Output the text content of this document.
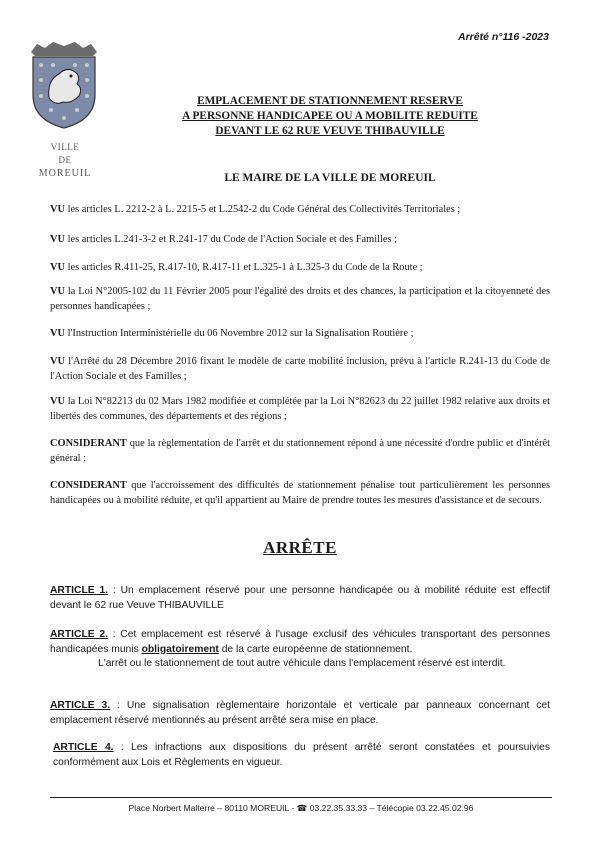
Arrêté n°116 -2023
VILLE
DE
MOREUIL
EMPLACEMENT DE STATIONNEMENT RESERVE
A PERSONNE HANDICAPEE OU A MOBILITE REDUITE
DEVANT LE 62 RUE VEUVE THIBAUVILLE
LE MAIRE DE LA VILLE DE MOREUIL
VU les articles L. 2212-2 à L. 2215-5 et L.2542-2 du Code Général des Collectivités Territoriales ;
VU les articles L.241-3-2 et R.241-17 du Code de l'Action Sociale et des Familles ;
VU les articles R.411-25, R.417-10, R.417-11 et L.325-1 à L.325-3 du Code de la Route ;
VU la Loi N°2005-102 du 11 Février 2005 pour l'égalité des droits et des chances, la participation et la citoyenneté des personnes handicapées ;
VU l'Instruction Interministérielle du 06 Novembre 2012 sur la Signalisation Routière ;
VU l'Arrêté du 28 Décembre 2016 fixant le modèle de carte mobilité inclusion, prévu à l'article R.241-13 du Code de l'Action Sociale et des Familles ;
VU la Loi N°82213 du 02 Mars 1982 modifiée et complétée par la Loi N°82623 du 22 juillet 1982 relative aux droits et libertés des communes, des départements et des régions ;
CONSIDERANT que la règlementation de l'arrêt et du stationnement répond à une nécessité d'ordre public et d'intérêt général ;
CONSIDERANT que l'accroissement des difficultés de stationnement pénalise tout particulièrement les personnes handicapées ou à mobilité réduite, et qu'il appartient au Maire de prendre toutes les mesures d'assistance et de secours.
ARRÊTE
ARTICLE 1. : Un emplacement réservé pour une personne handicapée ou à mobilité réduite est effectif devant le 62 rue Veuve THIBAUVILLE
ARTICLE 2. : Cet emplacement est réservé à l'usage exclusif des véhicules transportant des personnes handicapées munis obligatoirement de la carte européenne de stationnement.
L'arrêt ou le stationnement de tout autre véhicule dans l'emplacement réservé est interdit.
ARTICLE 3. : Une signalisation règlementaire horizontale et verticale par panneaux concernant cet emplacement réservé mentionnés au présent arrêté sera mise en place.
ARTICLE 4. : Les infractions aux dispositions du présent arrêté seront constatées et poursuivies conformément aux Lois et Règlements en vigueur.
Place Norbert Malterre – 80110 MOREUIL - ☎ 03.22.35.33.33 – Télécopie 03.22.45.02.96
